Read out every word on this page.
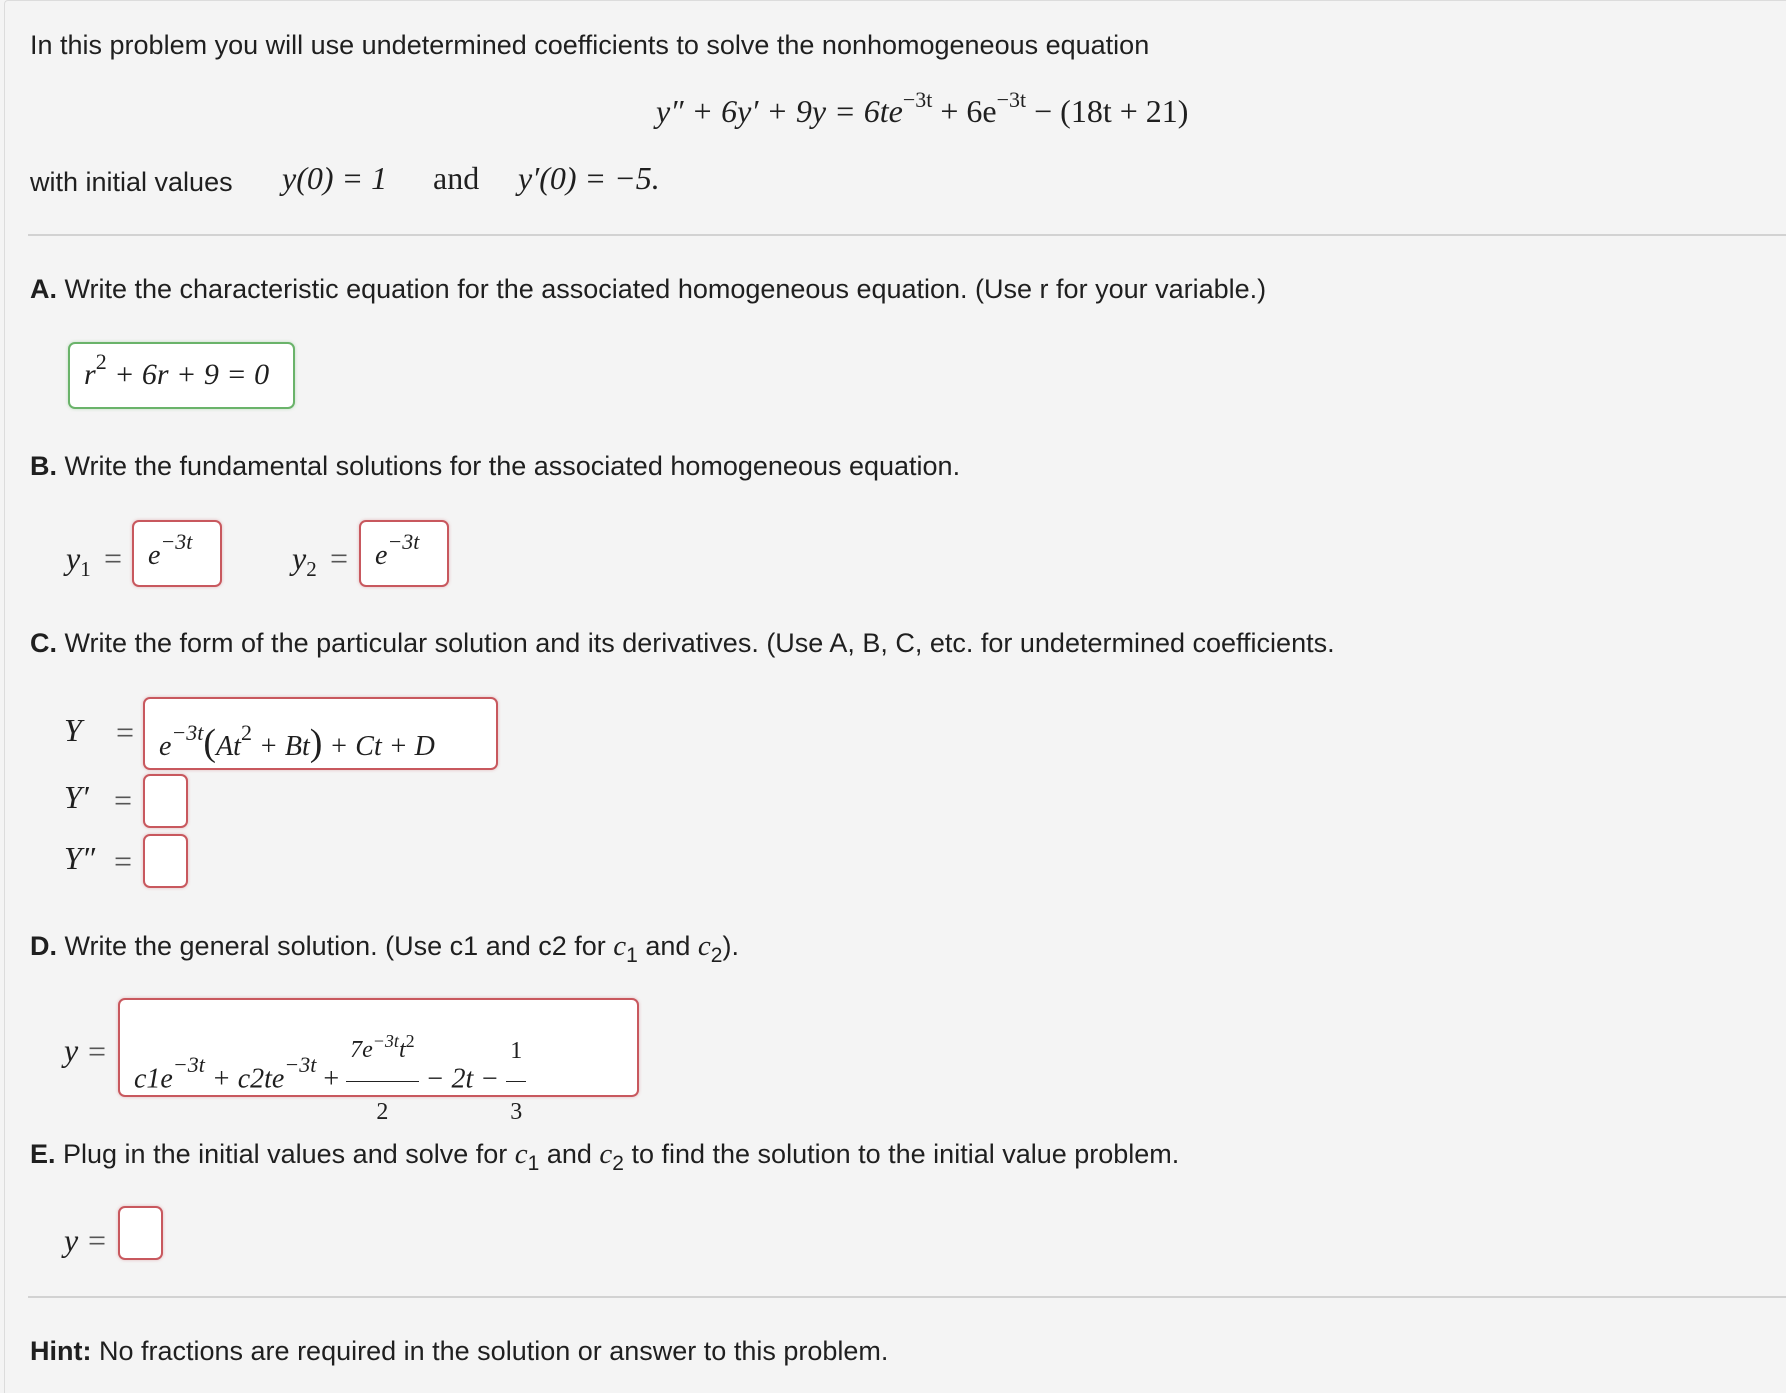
In this problem you will use undetermined coefficients to solve the nonhomogeneous equation
$y'' + 6y' + 9y = 6te^{-3t} + 6e^{-3t} - (18t + 21)$
with initial values y(0) = 1 and y′(0) = −5.
A. Write the characteristic equation for the associated homogeneous equation. (Use r for your variable.)
$r^2 + 6r + 9 = 0$
B. Write the fundamental solutions for the associated homogeneous equation.
$y_1 = e^{-3t}$	$y_2 = e^{-3t}$
C. Write the form of the particular solution and its derivatives. (Use A, B, C, etc. for undetermined coefficients.
$Y = e^{-3t}(At^2 + Bt) + Ct + D$
Y′ =
Y″ =
D. Write the general solution. (Use c1 and c2 for $c_1$ and $c_2$).
y =
$c1e^{-3t} + c2te^{-3t} + \frac{7e^{-3t}t^2}{2} - 2t - \frac{1}{3}$
E. Plug in the initial values and solve for $c_1$ and $c_2$ to find the solution to the initial value problem.
y =
Hint: No fractions are required in the solution or answer to this problem.
